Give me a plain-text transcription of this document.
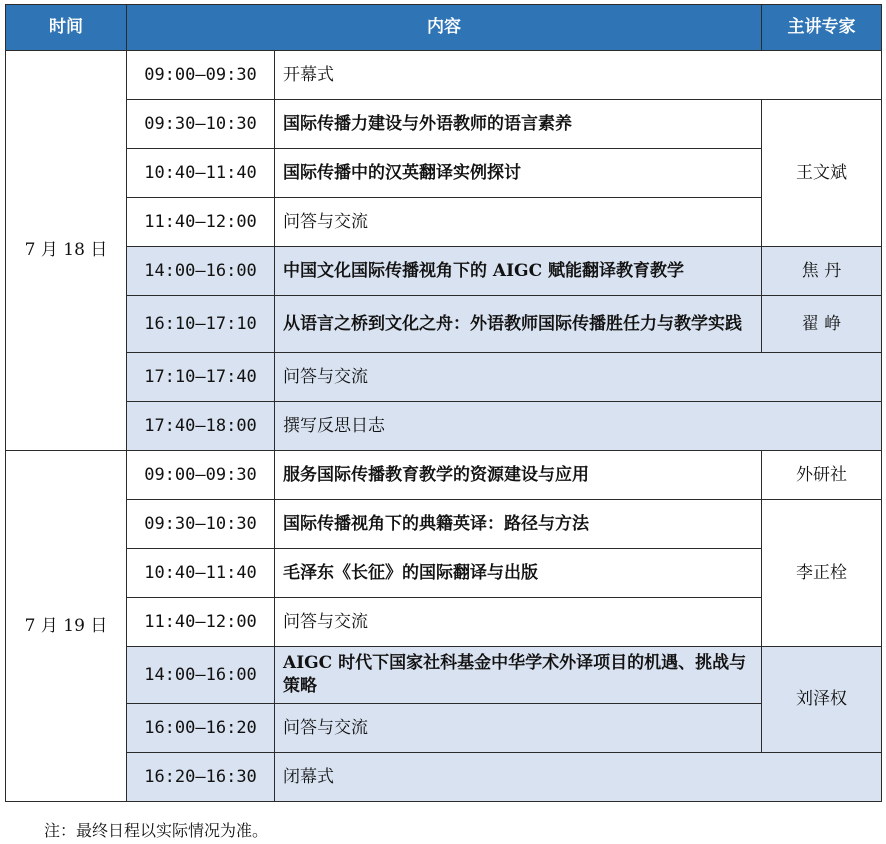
时间	内容		主讲专家
7 月 18 日	09:00—09:30	开幕式	
	09:30—10:30	国际传播力建设与外语教师的语言素养	王文斌
	10:40—11:40	国际传播中的汉英翻译实例探讨	
	11:40—12:00	问答与交流	
	14:00—16:00	中国文化国际传播视角下的 AIGC 赋能翻译教育教学	焦 丹
	16:10—17:10	从语言之桥到文化之舟：外语教师国际传播胜任力与教学实践	翟 峥
	17:10—17:40	问答与交流	
	17:40—18:00	撰写反思日志	
7 月 19 日	09:00—09:30	服务国际传播教育教学的资源建设与应用	外研社
	09:30—10:30	国际传播视角下的典籍英译：路径与方法	李正栓
	10:40—11:40	毛泽东《长征》的国际翻译与出版	
	11:40—12:00	问答与交流	
	14:00—16:00	AIGC 时代下国家社科基金中华学术外译项目的机遇、挑战与策略	刘泽权
	16:00—16:20	问答与交流	
	16:20—16:30	闭幕式	
注：最终日程以实际情况为准。
